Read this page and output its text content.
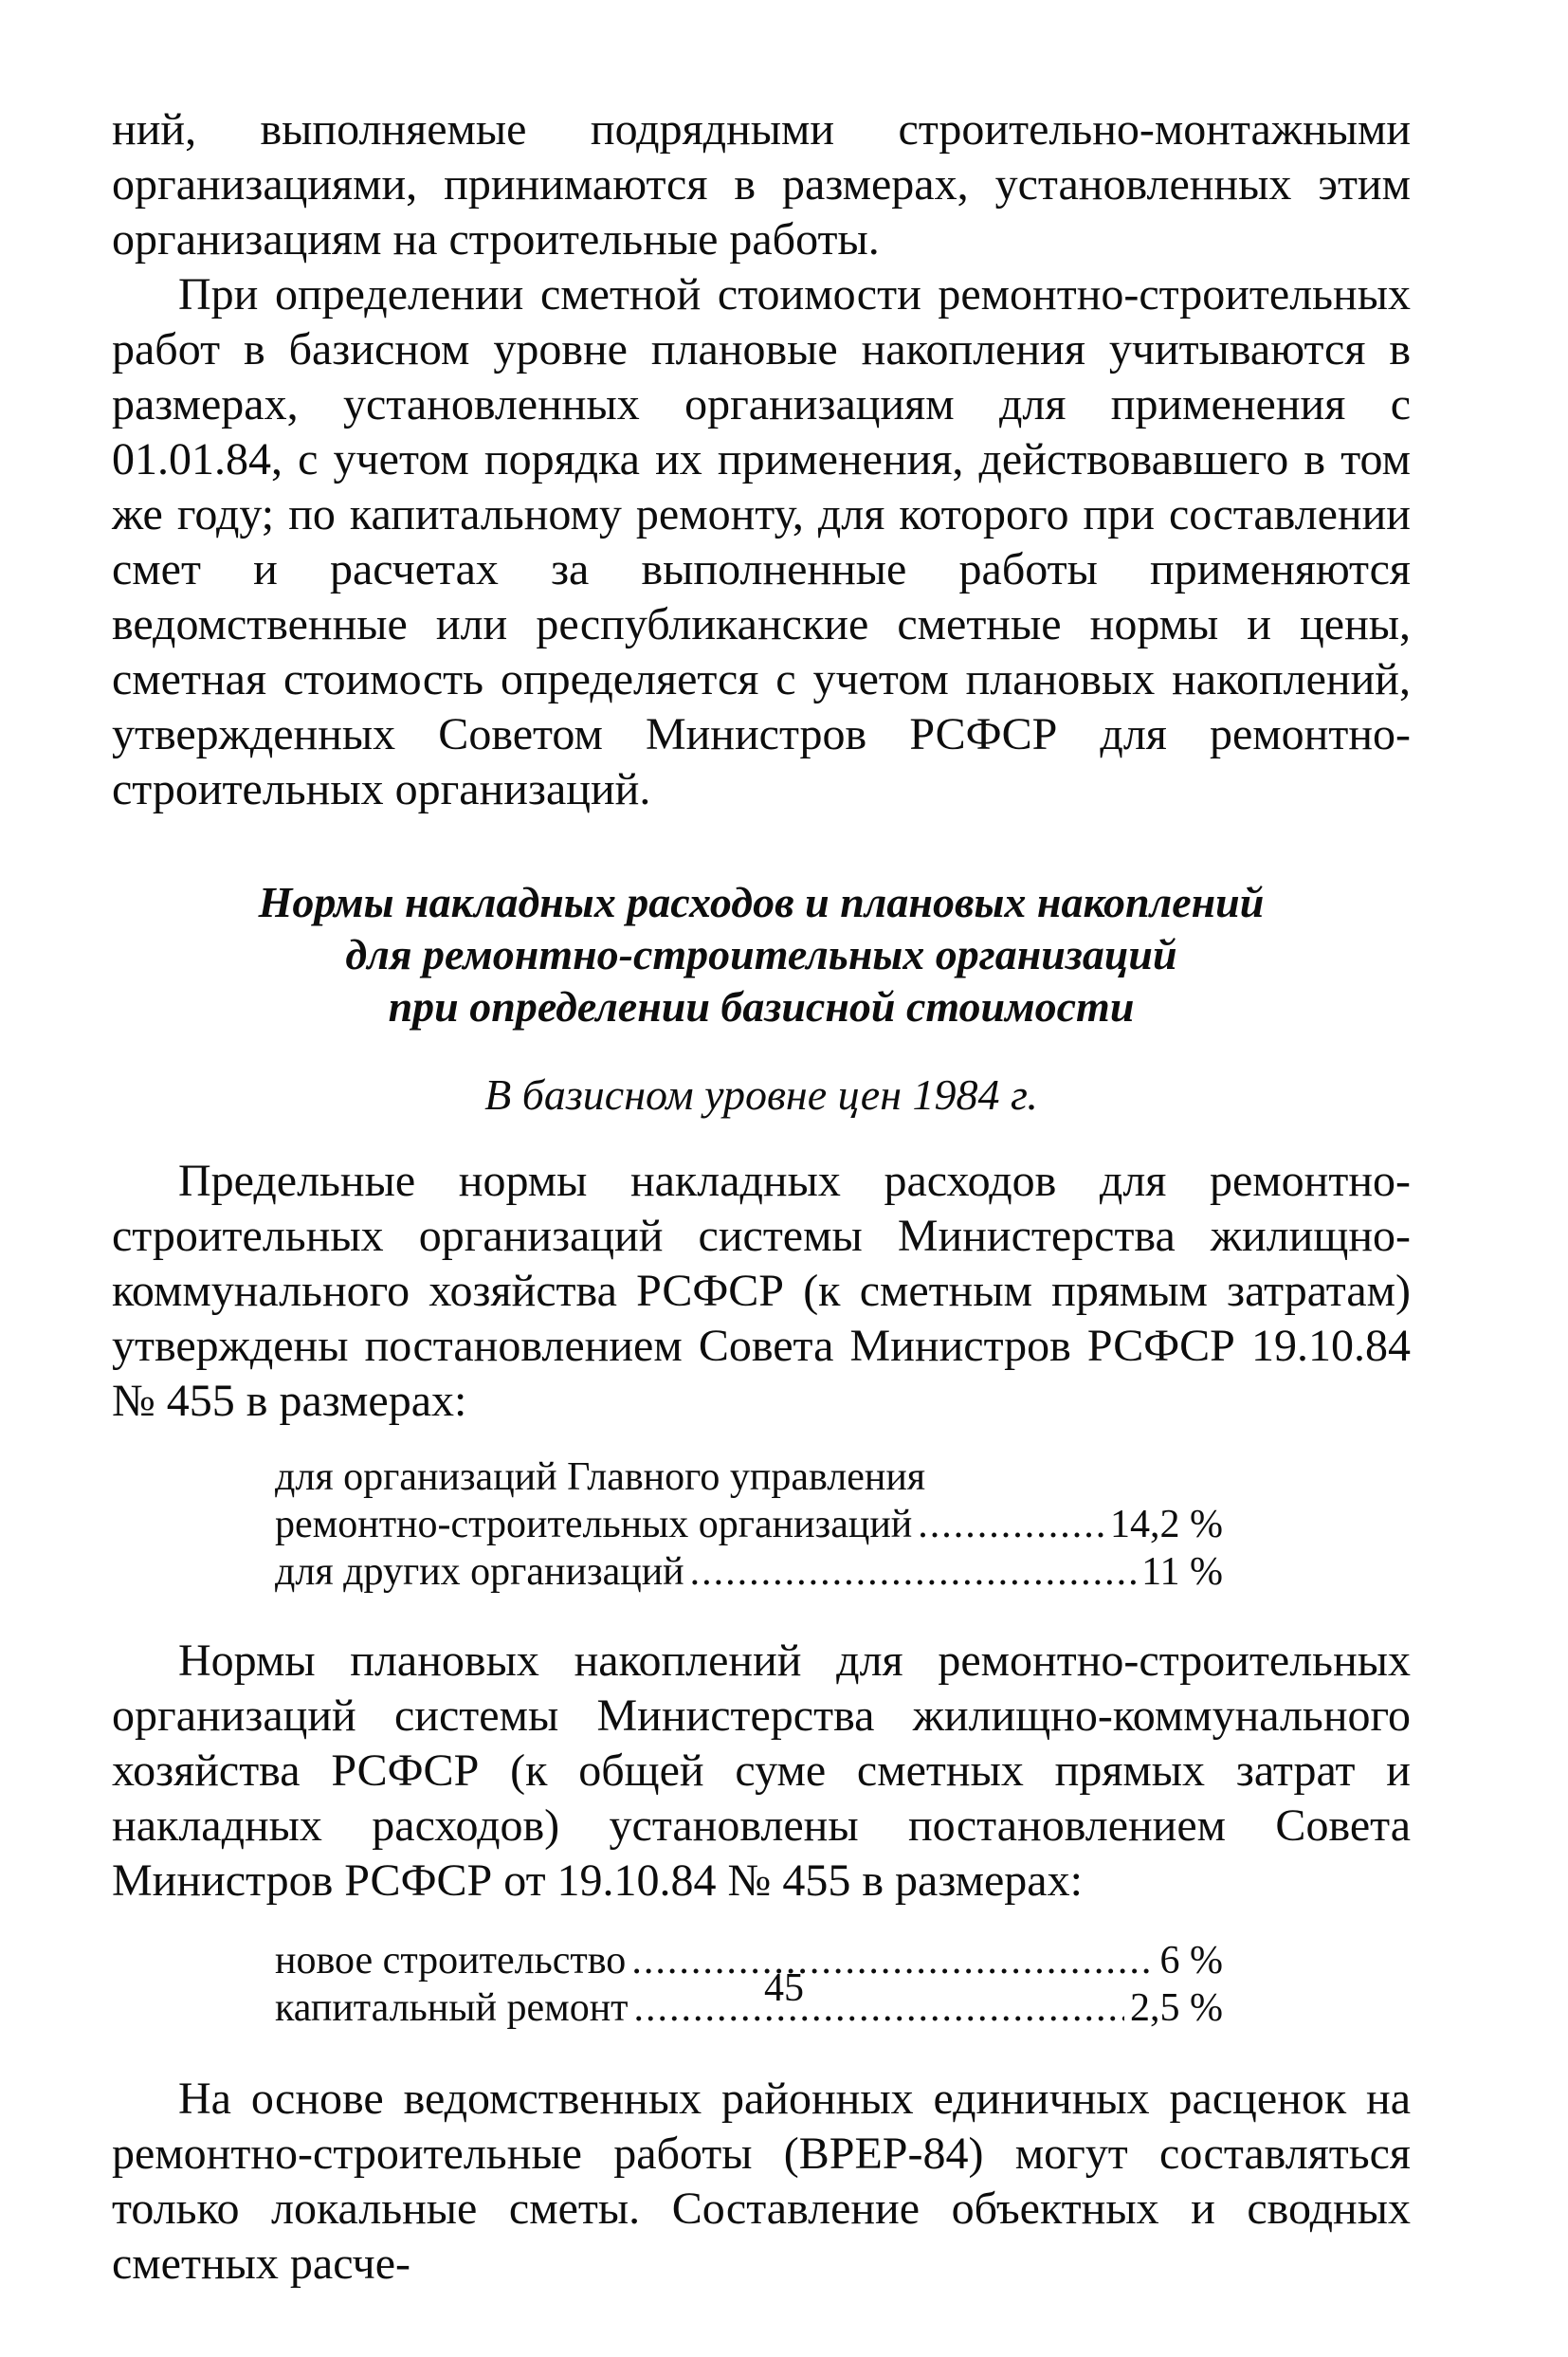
ний, выполняемые подрядными строительно-монтажными организациями, принимаются в размерах, установленных этим организациям на строительные работы.

При определении сметной стоимости ремонтно-строительных работ в базисном уровне плановые накопления учитываются в размерах, установленных организациям для применения с 01.01.84, с учетом порядка их применения, действовавшего в том же году; по капитальному ремонту, для которого при составлении смет и расчетах за выполненные работы применяются ведомственные или республиканские сметные нормы и цены, сметная стоимость определяется с учетом плановых накоплений, утвержденных Советом Министров РСФСР для ремонтно-строительных организаций.

Нормы накладных расходов и плановых накоплений
для ремонтно-строительных организаций
при определении базисной стоимости

В базисном уровне цен 1984 г.

Предельные нормы накладных расходов для ремонтно-строительных организаций системы Министерства жилищно-коммунального хозяйства РСФСР (к сметным прямым затратам) утверждены постановлением Совета Министров РСФСР 19.10.84 № 455 в размерах:

для организаций Главного управления
ремонтно-строительных организаций .....	14,2 %
для других организаций .....	11 %

Нормы плановых накоплений для ремонтно-строительных организаций системы Министерства жилищно-коммунального хозяйства РСФСР (к общей суме сметных прямых затрат и накладных расходов) установлены постановлением Совета Министров РСФСР от 19.10.84 № 455 в размерах:

новое строительство .....	6 %
капитальный ремонт .....	2,5 %

На основе ведомственных районных единичных расценок на ремонтно-строительные работы (ВРЕР-84) могут составляться только локальные сметы. Составление объектных и сводных сметных расче-

45
